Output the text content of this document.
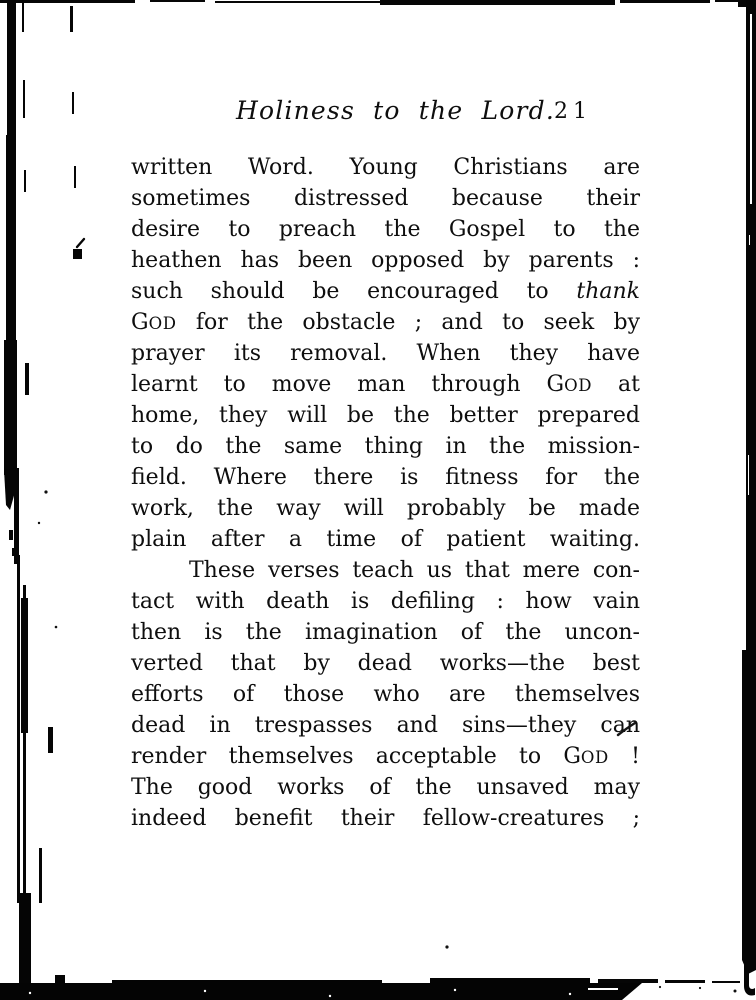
Holiness to the Lord.
21
written Word. Young Christians are
sometimes distressed because their
desire to preach the Gospel to the
heathen has been opposed by parents :
such should be encouraged to thank
GOD for the obstacle ; and to seek by
prayer its removal. When they have
learnt to move man through GOD at
home, they will be the better prepared
to do the same thing in the mission-
field. Where there is fitness for the
work, the way will probably be made
plain after a time of patient waiting.
These verses teach us that mere con-
tact with death is defiling : how vain
then is the imagination of the uncon-
verted that by dead works—the best
efforts of those who are themselves
dead in trespasses and sins—they can
render themselves acceptable to GOD !
The good works of the unsaved may
indeed benefit their fellow-creatures ;
